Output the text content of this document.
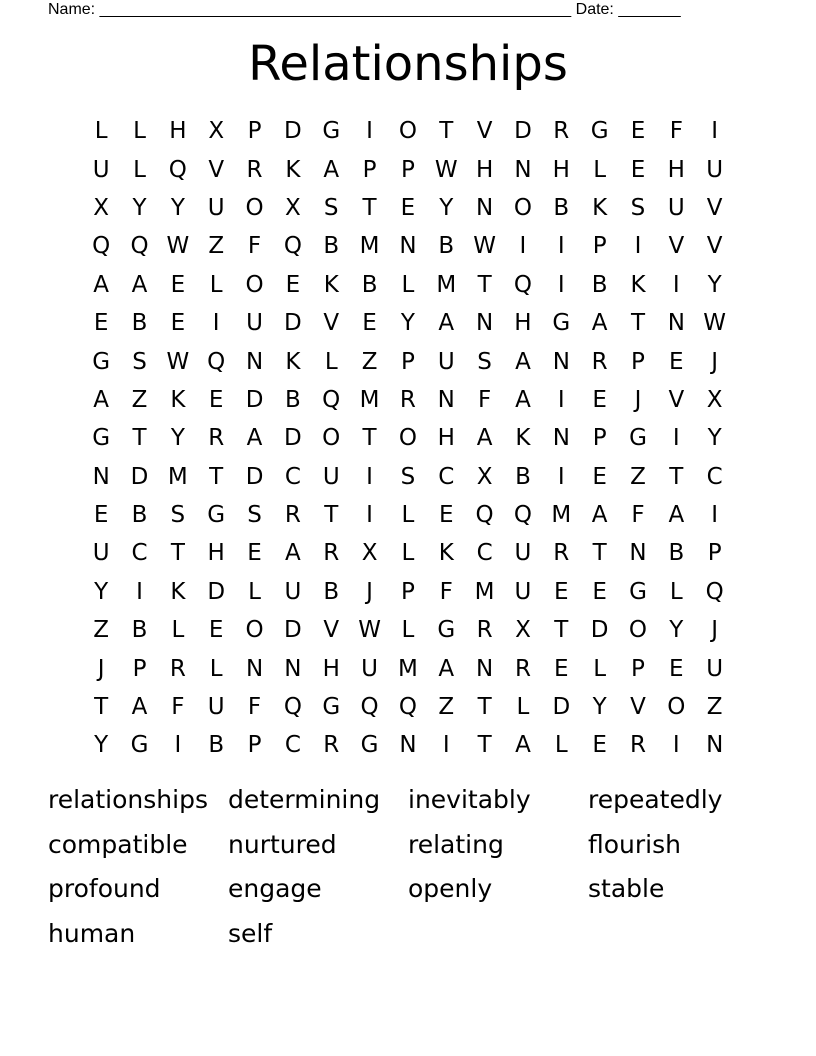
Name: _____________________________________________________ Date: _______
Relationships
L	L	H X	P D G	I	O T	V D R G E	F	I
U	L Q V R K A	P	P W H N H	L	E H U
X	Y	Y U O X	S	T	E	Y N O B K	S U V
Q Q W Z	F Q B M N B W	I	I	P	I	V V
A A	E	L O E	K B	L M T Q	I	B K	I	Y
E	B	E	I	U D V	E	Y	A N H G A	T N W
G S W Q N K	L	Z	P U S	A N R	P	E	J
A Z K	E D B Q M R N	F	A	I	E	J	V X
G T	Y	R A D O T O H A K N P G	I	Y
N D M T D C U	I	S	C X B	I	E	Z	T	C
E	B	S G S	R	T	I	L	E Q Q M A	F	A	I
U C	T H E	A R X	L	K C U R	T N B	P
Y	I	K D	L	U B	J	P	F M U E	E G	L Q
Z B	L	E O D V W L	G R X	T D O Y	J
J	P	R	L	N N H U M A N R	E	L	P	E U
T	A	F	U	F Q G Q Q Z	T	L	D Y	V O Z
Y G	I	B	P	C R G N	I	T	A	L	E	R	I	N
relationships determining	inevitably	repeatedly
compatible	nurtured	relating	flourish
profound	engage	openly	stable
human	self
